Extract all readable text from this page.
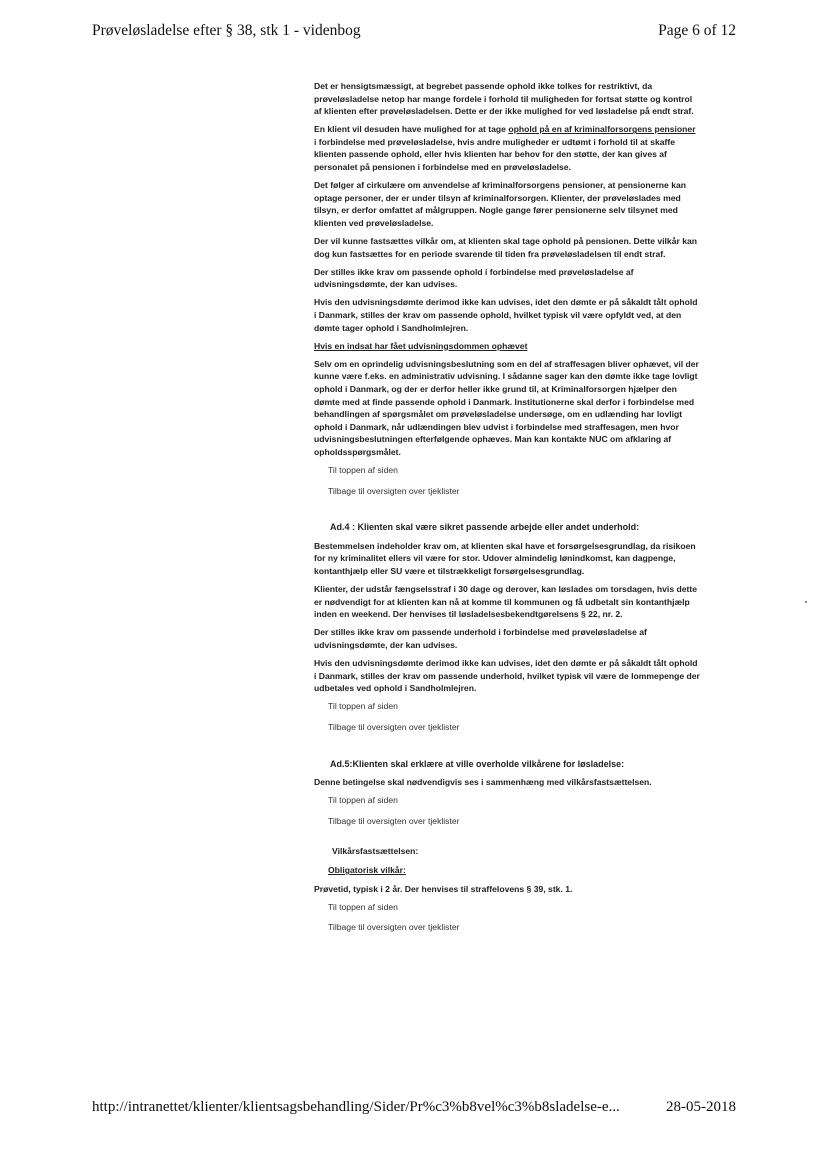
Prøveløsladelse efter § 38, stk 1 - videnbog	Page 6 of 12

Det er hensigtsmæssigt, at begrebet passende ophold ikke tolkes for restriktivt, da prøveløsladelse netop har mange fordele i forhold til muligheden for fortsat støtte og kontrol af klienten efter prøveløsladelsen. Dette er der ikke mulighed for ved løsladelse på endt straf.

En klient vil desuden have mulighed for at tage ophold på en af kriminalforsorgens pensioner i forbindelse med prøveløsladelse, hvis andre muligheder er udtømt i forhold til at skaffe klienten passende ophold, eller hvis klienten har behov for den støtte, der kan gives af personalet på pensionen i forbindelse med en prøveløsladelse.

Det følger af cirkulære om anvendelse af kriminalforsorgens pensioner, at pensionerne kan optage personer, der er under tilsyn af kriminalforsorgen. Klienter, der prøveløslades med tilsyn, er derfor omfattet af målgruppen. Nogle gange fører pensionerne selv tilsynet med klienten ved prøveløsladelse.

Der vil kunne fastsættes vilkår om, at klienten skal tage ophold på pensionen. Dette vilkår kan dog kun fastsættes for en periode svarende til tiden fra prøveløsladelsen til endt straf.

Der stilles ikke krav om passende ophold i forbindelse med prøveløsladelse af udvisningsdømte, der kan udvises.

Hvis den udvisningsdømte derimod ikke kan udvises, idet den dømte er på såkaldt tålt ophold i Danmark, stilles der krav om passende ophold, hvilket typisk vil være opfyldt ved, at den dømte tager ophold i Sandholmlejren.

Hvis en indsat har fået udvisningsdommen ophævet

Selv om en oprindelig udvisningsbeslutning som en del af straffesagen bliver ophævet, vil der kunne være f.eks. en administrativ udvisning. I sådanne sager kan den dømte ikke tage lovligt ophold i Danmark, og der er derfor heller ikke grund til, at Kriminalforsorgen hjælper den dømte med at finde passende ophold i Danmark. Institutionerne skal derfor i forbindelse med behandlingen af spørgsmålet om prøveløsladelse undersøge, om en udlænding har lovligt ophold i Danmark, når udlændingen blev udvist i forbindelse med straffesagen, men hvor udvisningsbeslutningen efterfølgende ophæves. Man kan kontakte NUC om afklaring af opholdsspørgsmålet.

Til toppen af siden
Tilbage til oversigten over tjeklister
Ad.4 : Klienten skal være sikret passende arbejde eller andet underhold:

Bestemmelsen indeholder krav om, at klienten skal have et forsørgelsesgrundlag, da risikoen for ny kriminalitet ellers vil være for stor. Udover almindelig lønindkomst, kan dagpenge, kontanthjælp eller SU være et tilstrækkeligt forsørgelsesgrundlag.

Klienter, der udstår fængselsstraf i 30 dage og derover, kan løslades om torsdagen, hvis dette er nødvendigt for at klienten kan nå at komme til kommunen og få udbetalt sin kontanthjælp inden en weekend. Der henvises til løsladelsesbekendtgørelsens § 22, nr. 2.

Der stilles ikke krav om passende underhold i forbindelse med prøveløsladelse af udvisningsdømte, der kan udvises.

Hvis den udvisningsdømte derimod ikke kan udvises, idet den dømte er på såkaldt tålt ophold i Danmark, stilles der krav om passende underhold, hvilket typisk vil være de lommepenge der udbetales ved ophold i Sandholmlejren.

Til toppen af siden
Tilbage til oversigten over tjeklister
Ad.5:Klienten skal erklære at ville overholde vilkårene for løsladelse:

Denne betingelse skal nødvendigvis ses i sammenhæng med vilkårsfastsættelsen.

Til toppen af siden
Tilbage til oversigten over tjeklister
Vilkårsfastsættelsen:
Obligatorisk vilkår:

Prøvetid, typisk i 2 år. Der henvises til straffelovens § 39, stk. 1.

Til toppen af siden
Tilbage til oversigten over tjeklister
http://intranettet/klienter/klientsagsbehandling/Sider/Pr%c3%b8vel%c3%b8sladelse-e...	28-05-2018
